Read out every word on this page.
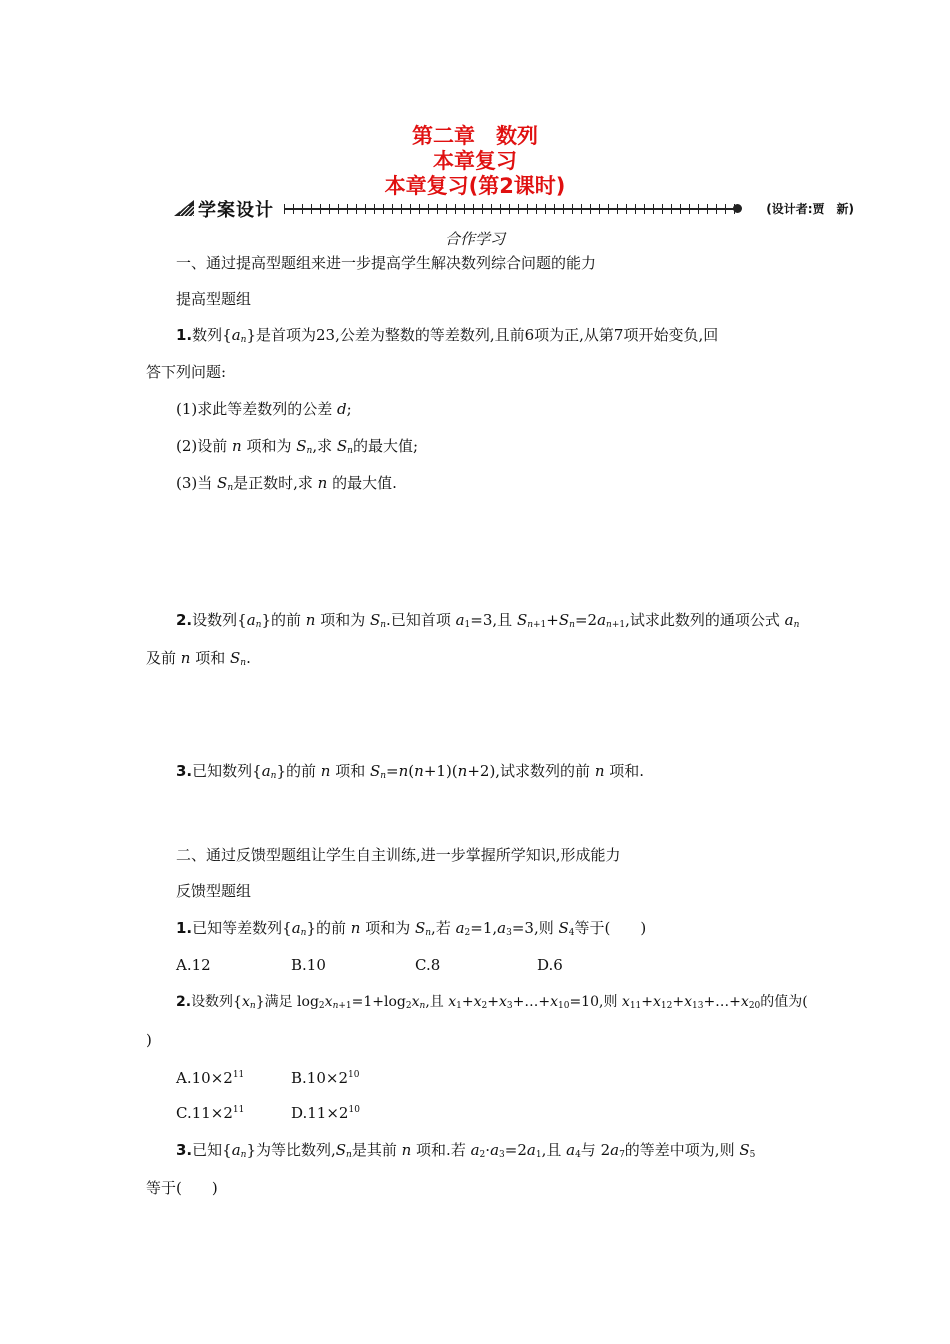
第二章　数列
本章复习
本章复习(第2课时)
学案设计	(设计者:贾　新)
合作学习
一、通过提高型题组来进一步提高学生解决数列综合问题的能力
提高型题组
1.数列$\{a_n\}$是首项为23,公差为整数的等差数列,且前6项为正,从第7项开始变负,回
答下列问题:
(1)求此等差数列的公差 d;
(2)设前 n 项和为 $S_n$,求 $S_n$的最大值;
(3)当 $S_n$是正数时,求 n 的最大值.
2.设数列$\{a_n\}$的前 n 项和为 $S_n$.已知首项 $a_1=3$,且 $S_{n+1}+S_n=2a_{n+1}$,试求此数列的通项公式 $a_n$
及前 n 项和 $S_n$.
3.已知数列$\{a_n\}$的前 n 项和 $S_n=n(n+1)(n+2)$,试求数列的前 n 项和.
二、通过反馈型题组让学生自主训练,进一步掌握所学知识,形成能力
反馈型题组
1.已知等差数列$\{a_n\}$的前 n 项和为 $S_n$,若 $a_2=1,a_3=3$,则 $S_4$等于(　　)
A.12	B.10	C.8	D.6
2.设数列$\{x_n\}$满足 $\log_2x_{n+1}=1+\log_2x_n$,且 $x_1+x_2+x_3+\dots+x_{10}=10$,则 $x_{11}+x_{12}+x_{13}+\dots+x_{20}$的值为(
)
$A.10\times 2^{11}$	$B.10\times 2^{10}$
$C.11\times 2^{11}$	$D.11\times 2^{10}$
3.已知$\{a_n\}$为等比数列$,S_n$是其前 n 项和.若 $a_2\cdot a_3=2a_1$,且 $a_4$与 $2a_7$的等差中项为,则 $S_5$
等于(　　)
